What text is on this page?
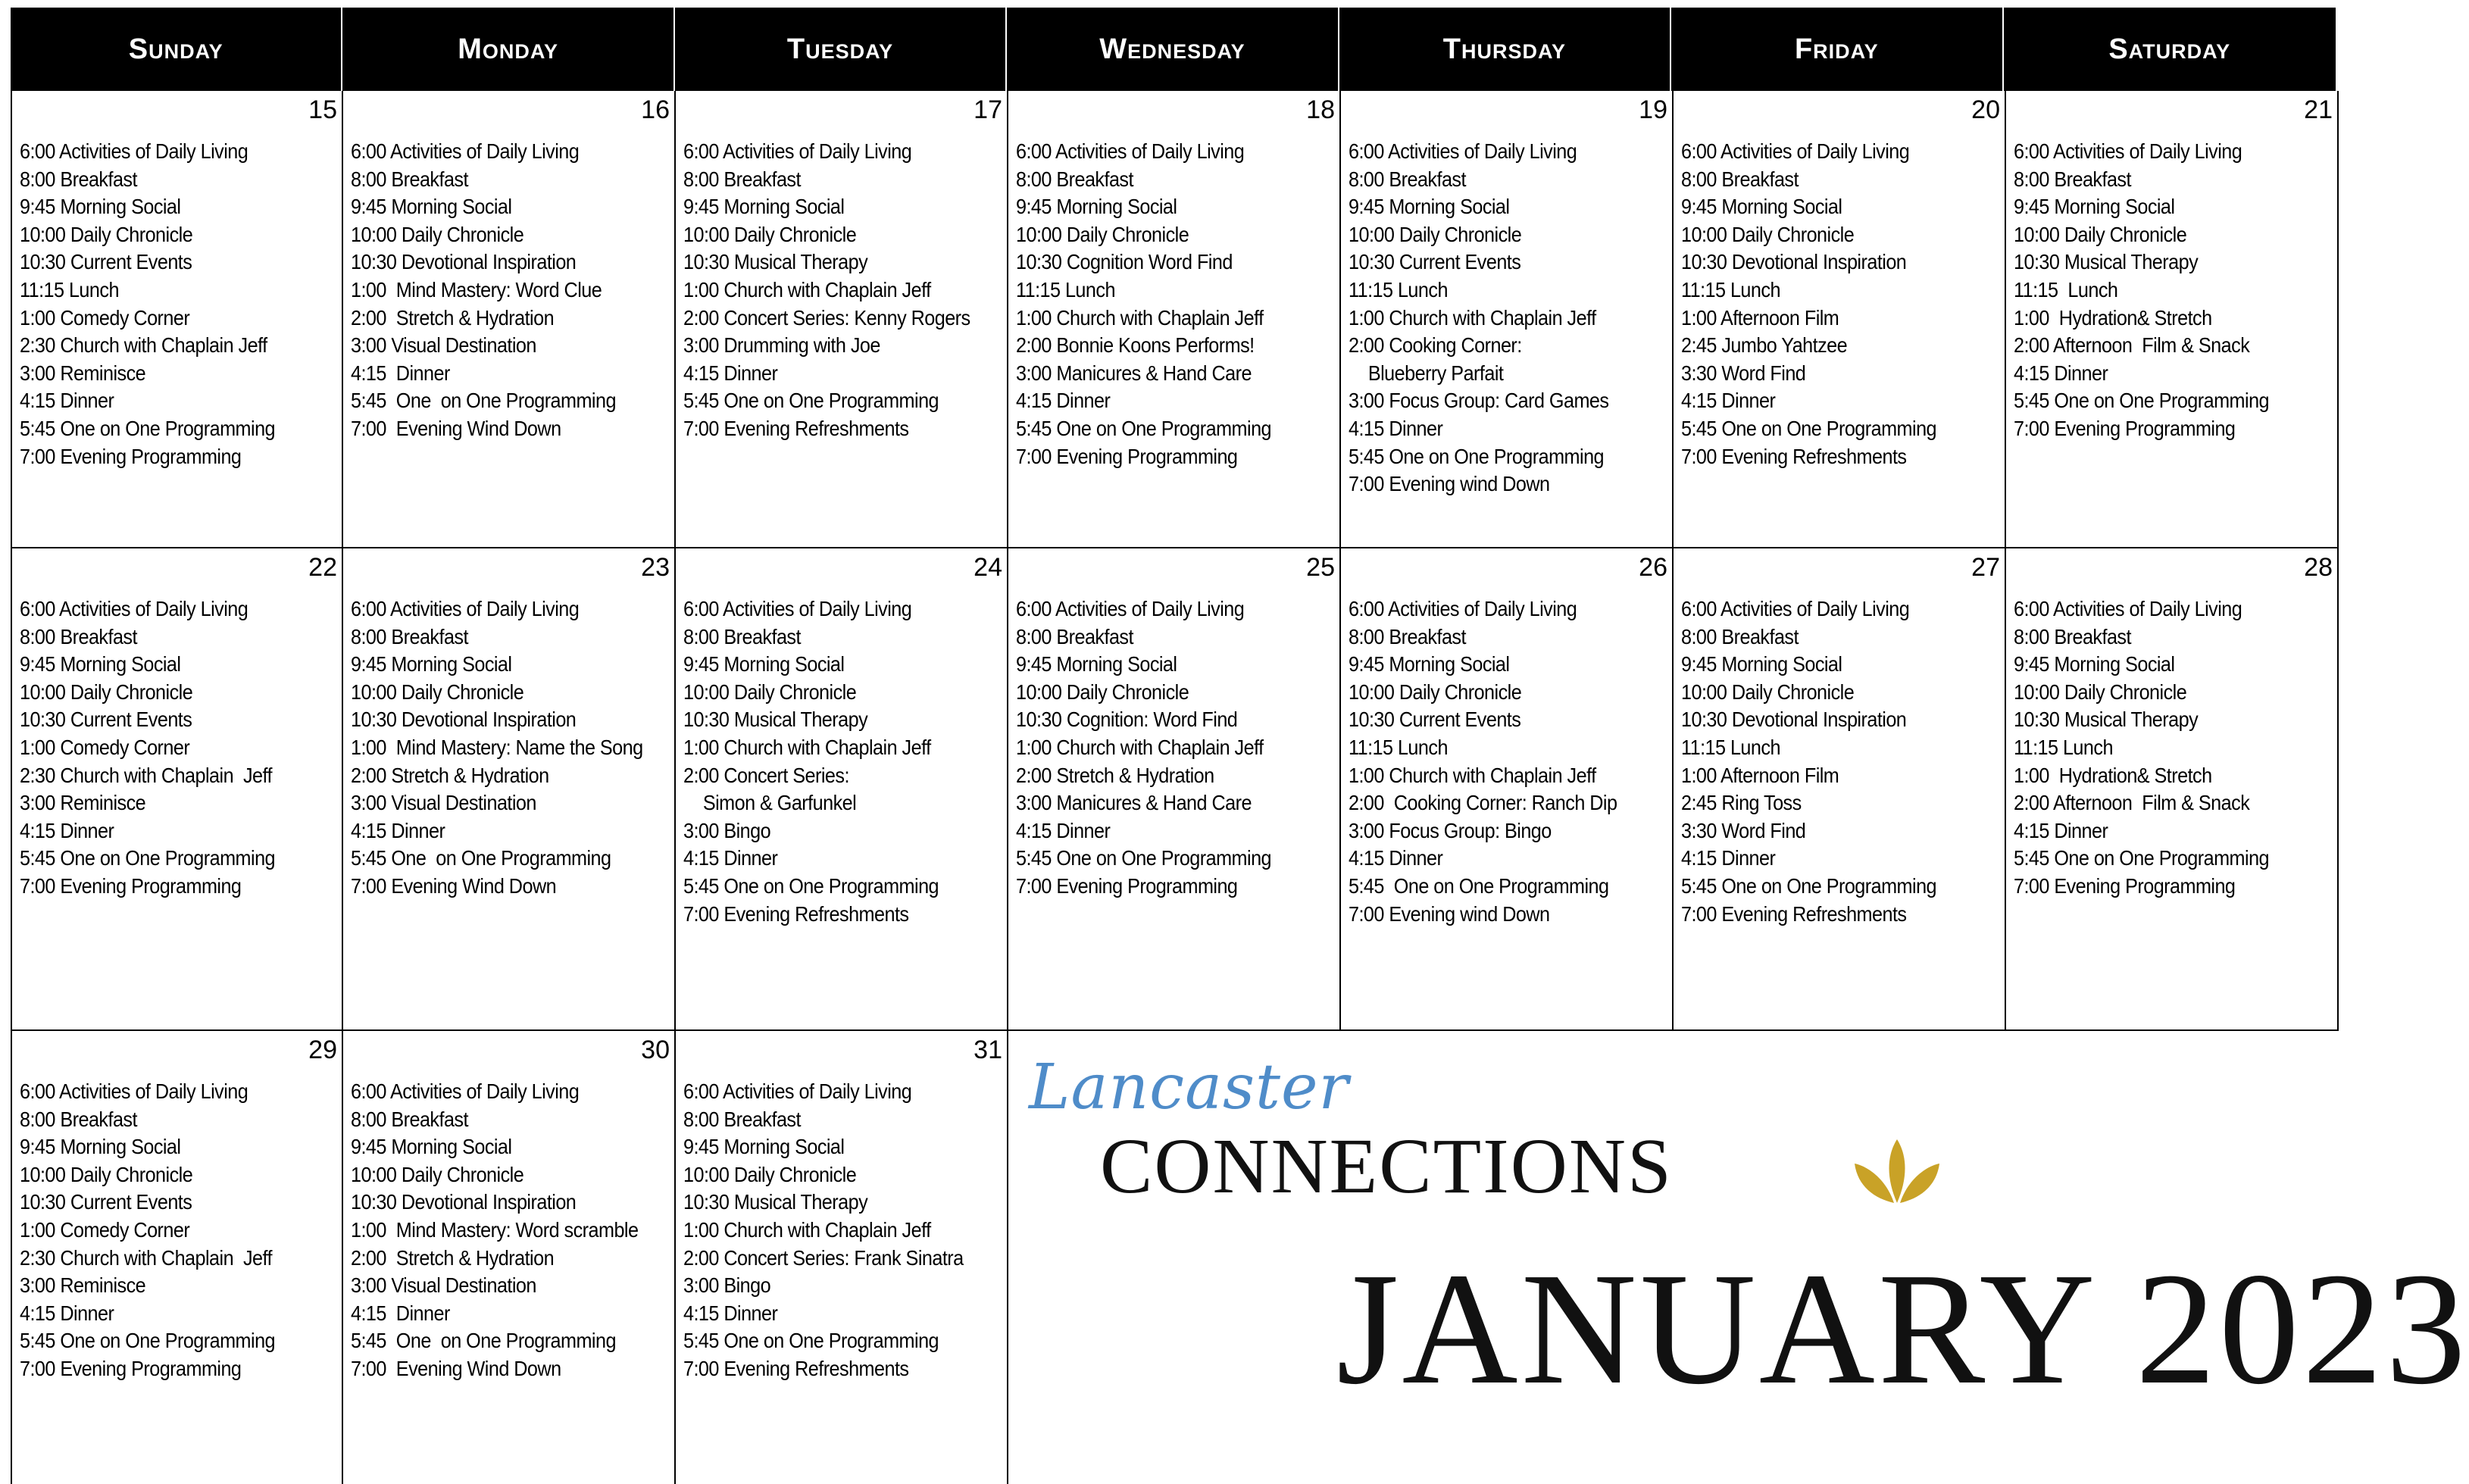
Sunday	Monday	Tuesday	Wednesday	Thursday	Friday	Saturday
15
6:00 Activities of Daily Living
8:00 Breakfast
9:45 Morning Social
10:00 Daily Chronicle
10:30 Current Events
11:15 Lunch
1:00 Comedy Corner
2:30 Church with Chaplain Jeff
3:00 Reminisce
4:15 Dinner
5:45 One on One Programming
7:00 Evening Programming
16
6:00 Activities of Daily Living
8:00 Breakfast
9:45 Morning Social
10:00 Daily Chronicle
10:30 Devotional Inspiration
1:00  Mind Mastery: Word Clue
2:00  Stretch & Hydration
3:00 Visual Destination
4:15  Dinner
5:45  One  on One Programming
7:00  Evening Wind Down
17
6:00 Activities of Daily Living
8:00 Breakfast
9:45 Morning Social
10:00 Daily Chronicle
10:30 Musical Therapy
1:00 Church with Chaplain Jeff
2:00 Concert Series: Kenny Rogers
3:00 Drumming with Joe
4:15 Dinner
5:45 One on One Programming
7:00 Evening Refreshments
18
6:00 Activities of Daily Living
8:00 Breakfast
9:45 Morning Social
10:00 Daily Chronicle
10:30 Cognition Word Find
11:15 Lunch
1:00 Church with Chaplain Jeff
2:00 Bonnie Koons Performs!
3:00 Manicures & Hand Care
4:15 Dinner
5:45 One on One Programming
7:00 Evening Programming
19
6:00 Activities of Daily Living
8:00 Breakfast
9:45 Morning Social
10:00 Daily Chronicle
10:30 Current Events
11:15 Lunch
1:00 Church with Chaplain Jeff
2:00 Cooking Corner:
Blueberry Parfait
3:00 Focus Group: Card Games
4:15 Dinner
5:45 One on One Programming
7:00 Evening wind Down
20
6:00 Activities of Daily Living
8:00 Breakfast
9:45 Morning Social
10:00 Daily Chronicle
10:30 Devotional Inspiration
11:15 Lunch
1:00 Afternoon Film
2:45 Jumbo Yahtzee
3:30 Word Find
4:15 Dinner
5:45 One on One Programming
7:00 Evening Refreshments
21
6:00 Activities of Daily Living
8:00 Breakfast
9:45 Morning Social
10:00 Daily Chronicle
10:30 Musical Therapy
11:15  Lunch
1:00  Hydration& Stretch
2:00 Afternoon  Film & Snack
4:15 Dinner
5:45 One on One Programming
7:00 Evening Programming
22
6:00 Activities of Daily Living
8:00 Breakfast
9:45 Morning Social
10:00 Daily Chronicle
10:30 Current Events
1:00 Comedy Corner
2:30 Church with Chaplain  Jeff
3:00 Reminisce
4:15 Dinner
5:45 One on One Programming
7:00 Evening Programming
23
6:00 Activities of Daily Living
8:00 Breakfast
9:45 Morning Social
10:00 Daily Chronicle
10:30 Devotional Inspiration
1:00  Mind Mastery: Name the Song
2:00 Stretch & Hydration
3:00 Visual Destination
4:15 Dinner
5:45 One  on One Programming
7:00 Evening Wind Down
24
6:00 Activities of Daily Living
8:00 Breakfast
9:45 Morning Social
10:00 Daily Chronicle
10:30 Musical Therapy
1:00 Church with Chaplain Jeff
2:00 Concert Series:
Simon & Garfunkel
3:00 Bingo
4:15 Dinner
5:45 One on One Programming
7:00 Evening Refreshments
25
6:00 Activities of Daily Living
8:00 Breakfast
9:45 Morning Social
10:00 Daily Chronicle
10:30 Cognition: Word Find
1:00 Church with Chaplain Jeff
2:00 Stretch & Hydration
3:00 Manicures & Hand Care
4:15 Dinner
5:45 One on One Programming
7:00 Evening Programming
26
6:00 Activities of Daily Living
8:00 Breakfast
9:45 Morning Social
10:00 Daily Chronicle
10:30 Current Events
11:15 Lunch
1:00 Church with Chaplain Jeff
2:00  Cooking Corner: Ranch Dip
3:00 Focus Group: Bingo
4:15 Dinner
5:45  One on One Programming
7:00 Evening wind Down
27
6:00 Activities of Daily Living
8:00 Breakfast
9:45 Morning Social
10:00 Daily Chronicle
10:30 Devotional Inspiration
11:15 Lunch
1:00 Afternoon Film
2:45 Ring Toss
3:30 Word Find
4:15 Dinner
5:45 One on One Programming
7:00 Evening Refreshments
28
6:00 Activities of Daily Living
8:00 Breakfast
9:45 Morning Social
10:00 Daily Chronicle
10:30 Musical Therapy
11:15 Lunch
1:00  Hydration& Stretch
2:00 Afternoon  Film & Snack
4:15 Dinner
5:45 One on One Programming
7:00 Evening Programming
29
6:00 Activities of Daily Living
8:00 Breakfast
9:45 Morning Social
10:00 Daily Chronicle
10:30 Current Events
1:00 Comedy Corner
2:30 Church with Chaplain  Jeff
3:00 Reminisce
4:15 Dinner
5:45 One on One Programming
7:00 Evening Programming
30
6:00 Activities of Daily Living
8:00 Breakfast
9:45 Morning Social
10:00 Daily Chronicle
10:30 Devotional Inspiration
1:00  Mind Mastery: Word scramble
2:00  Stretch & Hydration
3:00 Visual Destination
4:15  Dinner
5:45  One  on One Programming
7:00  Evening Wind Down
31
6:00 Activities of Daily Living
8:00 Breakfast
9:45 Morning Social
10:00 Daily Chronicle
10:30 Musical Therapy
1:00 Church with Chaplain Jeff
2:00 Concert Series: Frank Sinatra
3:00 Bingo
4:15 Dinner
5:45 One on One Programming
7:00 Evening Refreshments
Lancaster
CONNECTIONS
JANUARY 2023
